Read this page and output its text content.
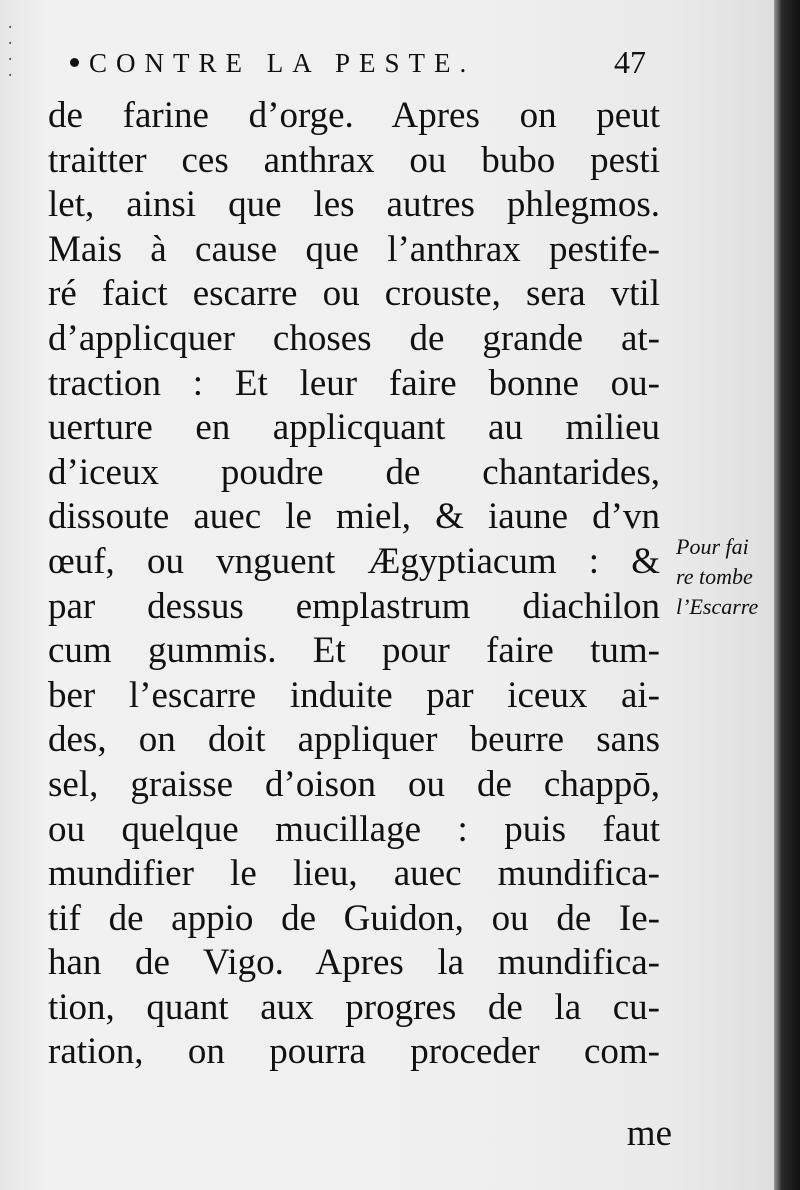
·
·
·
·	CONTRE LA PESTE.	47
de farine d’orge. Apres on peut
traitter ces anthrax ou bubo pesti
let, ainsi que les autres phlegmos.
Mais à cause que l’anthrax pestife-
ré faict escarre ou crouste, sera vtil
d’applicquer choses de grande at-
traction : Et leur faire bonne ou-
uerture en applicquant au milieu
d’iceux poudre de chantarides,
dissoute auec le miel, & iaune d’vn
œuf, ou vnguent Ægyptiacum : &
par dessus emplastrum diachilon
cum gummis. Et pour faire tum-
ber l’escarre induite par iceux ai-
des, on doit appliquer beurre sans
sel, graisse d’oison ou de chappō,
ou quelque mucillage : puis faut
mundifier le lieu, auec mundifica-
tif de appio de Guidon, ou de Ie-
han de Vigo. Apres la mundifica-
tion, quant aux progres de la cu-
ration, on pourra proceder com-
me
Pour fai
re tombe
l’Escarre
